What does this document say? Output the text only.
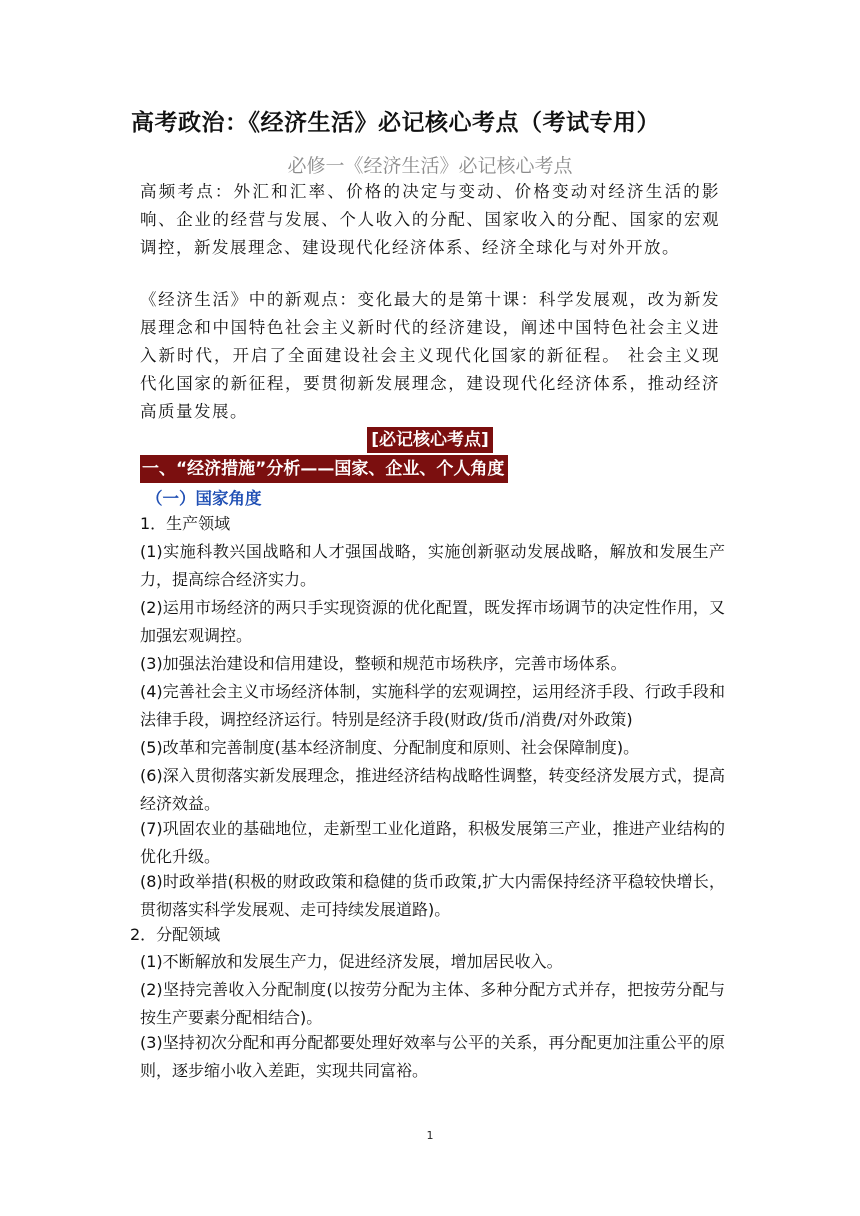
高考政治：《经济生活》必记核心考点（考试专用）
必修一《经济生活》必记核心考点
高频考点：外汇和汇率、价格的决定与变动、价格变动对经济生活的影响、企业的经营与发展、个人收入的分配、国家收入的分配、国家的宏观调控，新发展理念、建设现代化经济体系、经济全球化与对外开放。
《经济生活》中的新观点：变化最大的是第十课：科学发展观，改为新发展理念和中国特色社会主义新时代的经济建设，阐述中国特色社会主义进入新时代，开启了全面建设社会主义现代化国家的新征程。 社会主义现代化国家的新征程，要贯彻新发展理念，建设现代化经济体系，推动经济高质量发展。
[必记核心考点]
一、“经济措施”分析——国家、企业、个人角度
（一）国家角度
1．生产领域
(1)实施科教兴国战略和人才强国战略，实施创新驱动发展战略，解放和发展生产力，提高综合经济实力。
(2)运用市场经济的两只手实现资源的优化配置，既发挥市场调节的决定性作用，又加强宏观调控。
(3)加强法治建设和信用建设，整顿和规范市场秩序，完善市场体系。
(4)完善社会主义市场经济体制，实施科学的宏观调控，运用经济手段、行政手段和法律手段，调控经济运行。特别是经济手段(财政/货币/消费/对外政策)
(5)改革和完善制度(基本经济制度、分配制度和原则、社会保障制度)。
(6)深入贯彻落实新发展理念，推进经济结构战略性调整，转变经济发展方式，提高经济效益。
(7)巩固农业的基础地位，走新型工业化道路，积极发展第三产业，推进产业结构的优化升级。
(8)时政举措(积极的财政政策和稳健的货币政策,扩大内需保持经济平稳较快增长，贯彻落实科学发展观、走可持续发展道路)。
2．分配领域
(1)不断解放和发展生产力，促进经济发展，增加居民收入。
(2)坚持完善收入分配制度(以按劳分配为主体、多种分配方式并存，把按劳分配与按生产要素分配相结合)。
(3)坚持初次分配和再分配都要处理好效率与公平的关系，再分配更加注重公平的原则，逐步缩小收入差距，实现共同富裕。
1
